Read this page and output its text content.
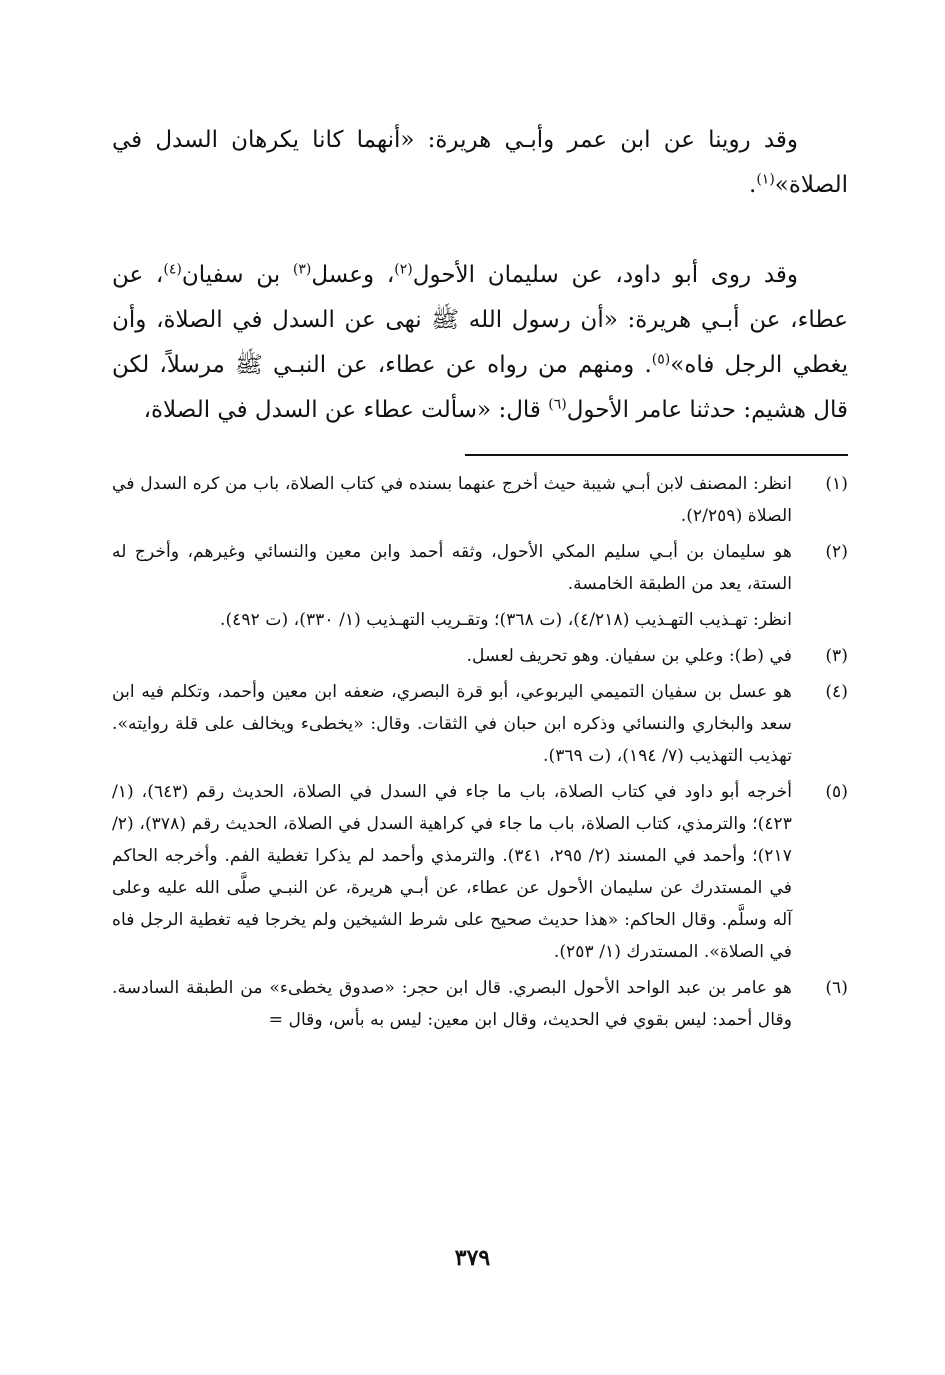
وقد روينا عن ابن عمر وأبـي هريرة: «أنهما كانا يكرهان السدل في الصلاة»$^{(١)}$.

وقد روى أبو داود، عن سليمان الأحول$^{(٢)}$، وعسل$^{(٣)}$ بن سفيان$^{(٤)}$، عن عطاء، عن أبـي هريرة: «أن رسول الله ﷺ نهى عن السدل في الصلاة، وأن يغطي الرجل فاه»$^{(٥)}$. ومنهم من رواه عن عطاء، عن النبـي ﷺ مرسلاً، لكن قال هشيم: حدثنا عامر الأحول$^{(٦)}$ قال: «سألت عطاء عن السدل في الصلاة،

(١)
انظر: المصنف لابن أبـي شيبة حيث أخرج عنهما بسنده في كتاب الصلاة، باب من كره السدل في الصلاة (٢/٢٥٩).
(٢)
هو سليمان بن أبـي سليم المكي الأحول، وثقه أحمد وابن معين والنسائي وغيرهم، وأخرج له الستة، يعد من الطبقة الخامسة.
انظر: تهـذيب التهـذيب (٤/٢١٨)، (ت ٣٦٨)؛ وتقـريب التهـذيب (١/ ٣٣٠)، (ت ٤٩٢).
(٣)
في (ط): وعلي بن سفيان. وهو تحريف لعسل.
(٤)
هو عسل بن سفيان التميمي اليربوعي، أبو قرة البصري، ضعفه ابن معين وأحمد، وتكلم فيه ابن سعد والبخاري والنسائي وذكره ابن حبان في الثقات. وقال: «يخطىء ويخالف على قلة روايته». تهذيب التهذيب (٧/ ١٩٤)، (ت ٣٦٩).
(٥)
أخرجه أبو داود في كتاب الصلاة، باب ما جاء في السدل في الصلاة، الحديث رقم (٦٤٣)، (١/ ٤٢٣)؛ والترمذي، كتاب الصلاة، باب ما جاء في كراهية السدل في الصلاة، الحديث رقم (٣٧٨)، (٢/ ٢١٧)؛ وأحمد في المسند (٢/ ٢٩٥، ٣٤١). والترمذي وأحمد لم يذكرا تغطية الفم. وأخرجه الحاكم في المستدرك عن سليمان الأحول عن عطاء، عن أبـي هريرة، عن النبـي صلَّى الله عليه وعلى آله وسلَّم. وقال الحاكم: «هذا حديث صحيح على شرط الشيخين ولم يخرجا فيه تغطية الرجل فاه في الصلاة». المستدرك (١/ ٢٥٣).
(٦)
هو عامر بن عبد الواحد الأحول البصري. قال ابن حجر: «صدوق يخطىء» من الطبقة السادسة. وقال أحمد: ليس بقوي في الحديث، وقال ابن معين: ليس به بأس، وقال =
٣٧٩
